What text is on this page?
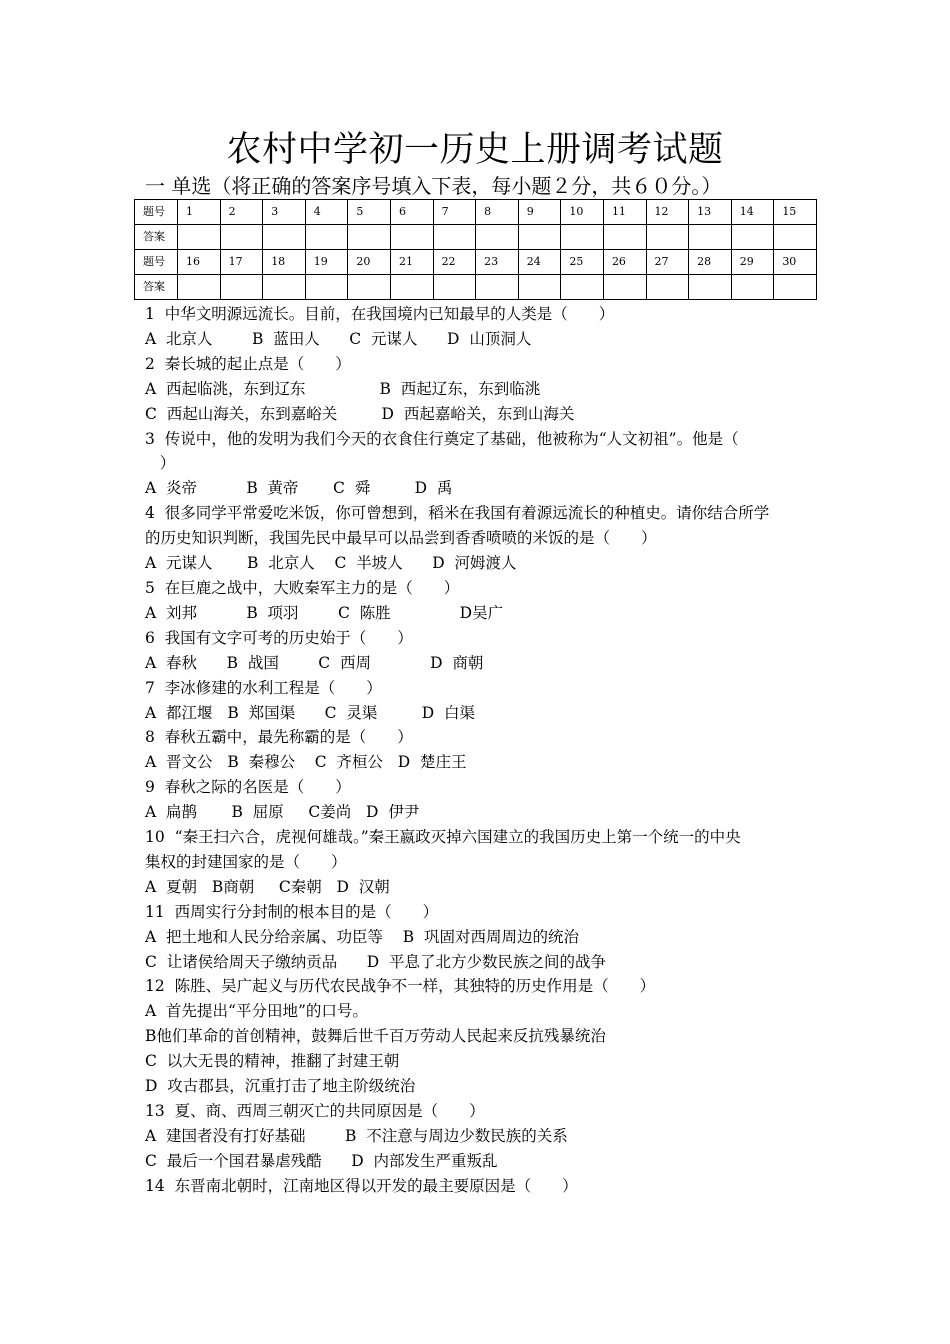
农村中学初一历史上册调考试题
一 单选（将正确的答案序号填入下表，每小题２分，共６０分。）
题号	1	2	3	4	5	6	7	8	9	10	11	12	13	14	15
答案															
题号	16	17	18	19	20	21	22	23	24	25	26	27	28	29	30
答案															
1  中华文明源远流长。目前，在我国境内已知最早的人类是（　　）
A  北京人        B  蓝田人      C  元谋人      D  山顶洞人
2  秦长城的起止点是（　　）
A  西起临洮，东到辽东               B  西起辽东，东到临洮
C  西起山海关，东到嘉峪关         D  西起嘉峪关，东到山海关
3  传说中，他的发明为我们今天的衣食住行奠定了基础，他被称为“人文初祖”。他是（
）
A  炎帝          B  黄帝       C  舜         D  禹
4  很多同学平常爱吃米饭，你可曾想到，稻米在我国有着源远流长的种植史。请你结合所学
的历史知识判断，我国先民中最早可以品尝到香香喷喷的米饭的是（　　）
A  元谋人       B  北京人    C  半坡人      D  河姆渡人
5  在巨鹿之战中，大败秦军主力的是（　　）
A  刘邦          B  项羽        C  陈胜              D吴广
6  我国有文字可考的历史始于（　　）
A  春秋      B  战国        C  西周            D  商朝
7  李冰修建的水利工程是（　　）
A  都江堰   B  郑国渠      C  灵渠         D  白渠
8  春秋五霸中，最先称霸的是（　　）
A  晋文公   B  秦穆公    C  齐桓公   D  楚庄王
9  春秋之际的名医是（　　）
A  扁鹊       B  屈原     C姜尚   D  伊尹
10  “秦王扫六合，虎视何雄哉。”秦王嬴政灭掉六国建立的我国历史上第一个统一的中央
集权的封建国家的是（　　）
A  夏朝   B商朝     C秦朝   D  汉朝
11  西周实行分封制的根本目的是（　　）
A  把土地和人民分给亲属、功臣等    B  巩固对西周周边的统治
C  让诸侯给周天子缴纳贡品      D  平息了北方少数民族之间的战争
12  陈胜、吴广起义与历代农民战争不一样，其独特的历史作用是（　　）
A  首先提出“平分田地”的口号。
B他们革命的首创精神，鼓舞后世千百万劳动人民起来反抗残暴统治
C  以大无畏的精神，推翻了封建王朝
D  攻古郡县，沉重打击了地主阶级统治
13  夏、商、西周三朝灭亡的共同原因是（　　）
A  建国者没有打好基础        B  不注意与周边少数民族的关系
C  最后一个国君暴虐残酷      D  内部发生严重叛乱
14  东晋南北朝时，江南地区得以开发的最主要原因是（　　）
